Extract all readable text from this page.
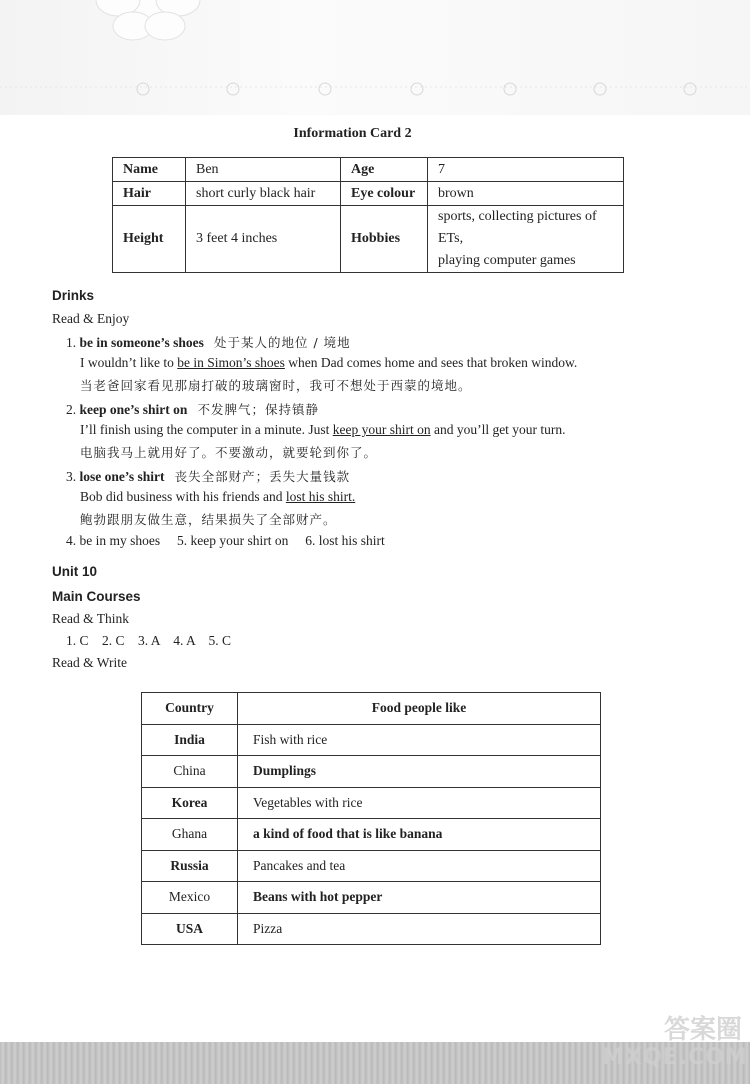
Information Card 2
Name	Ben	Age	7
Hair	short curly black hair	Eye colour	brown
Height	3 feet 4 inches	Hobbies	sports, collecting pictures of ETs,
playing computer games
Drinks
Read & Enjoy
1. be in someone’s shoes 处于某人的地位 / 境地
I wouldn’t like to be in Simon’s shoes when Dad comes home and sees that broken window.
当老爸回家看见那扇打破的玻璃窗时，我可不想处于西蒙的境地。
2. keep one’s shirt on 不发脾气；保持镇静
I’ll finish using the computer in a minute. Just keep your shirt on and you’ll get your turn.
电脑我马上就用好了。不要激动，就要轮到你了。
3. lose one’s shirt 丧失全部财产；丢失大量钱款
Bob did business with his friends and lost his shirt.
鲍勃跟朋友做生意，结果损失了全部财产。
4. be in my shoes     5. keep your shirt on     6. lost his shirt
Unit 10
Main Courses
Read & Think
1. C    2. C    3. A    4. A    5. C
Read & Write
Country	Food people like
India	Fish with rice
China	Dumplings
Korea	Vegetables with rice
Ghana	a kind of food that is like banana
Russia	Pancakes and tea
Mexico	Beans with hot pepper
USA	Pizza
答案圈
MXQE.COM
